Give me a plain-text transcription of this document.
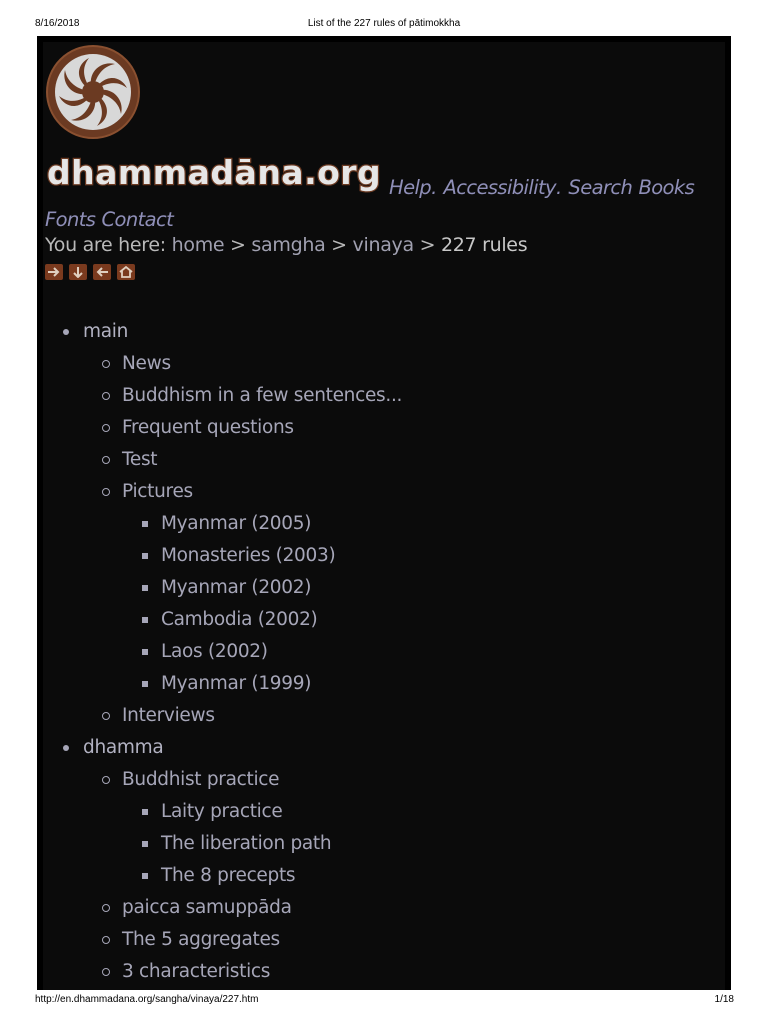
8/16/2018	List of the 227 rules of pātimokkha
dhammadāna.org Help. Accessibility. Search Books
Fonts Contact
You are here: home > samgha > vinaya > 227 rules
main
News
Buddhism in a few sentences...
Frequent questions
Test
Pictures
Myanmar (2005)
Monasteries (2003)
Myanmar (2002)
Cambodia (2002)
Laos (2002)
Myanmar (1999)
Interviews
dhamma
Buddhist practice
Laity practice
The liberation path
The 8 precepts
paicca samuppāda
The 5 aggregates
3 characteristics
http://en.dhammadana.org/sangha/vinaya/227.htm	1/18
